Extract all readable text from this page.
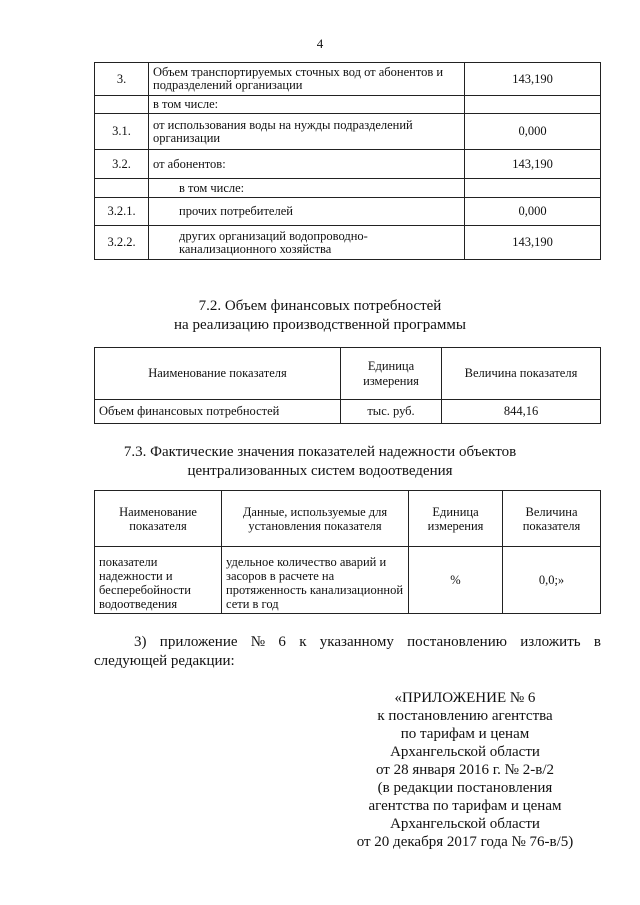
4
3.	Объем транспортируемых сточных вод от абонентов и подразделений организации	143,190
	в том числе:	
3.1.	от использования воды на нужды подразделений организации	0,000
3.2.	от абонентов:	143,190
	в том числе:	
3.2.1.	прочих потребителей	0,000
3.2.2.	других организаций водопроводно-канализационного хозяйства	143,190
7.2. Объем финансовых потребностей
на реализацию производственной программы
Наименование показателя	Единица измерения	Величина показателя
Объем финансовых потребностей	тыс. руб.	844,16
7.3. Фактические значения показателей надежности объектов
централизованных систем водоотведения
Наименование показателя	Данные, используемые для установления показателя	Единица измерения	Величина показателя
показатели надежности и бесперебойности водоотведения	удельное количество аварий и засоров в расчете на протяженность канализационной сети в год	%	0,0;»
3) приложение № 6 к указанному постановлению изложить в
следующей редакции:
«ПРИЛОЖЕНИЕ № 6
к постановлению агентства
по тарифам и ценам
Архангельской области
от 28 января 2016 г. № 2-в/2
(в редакции постановления
агентства по тарифам и ценам
Архангельской области
от 20 декабря 2017 года № 76-в/5)
